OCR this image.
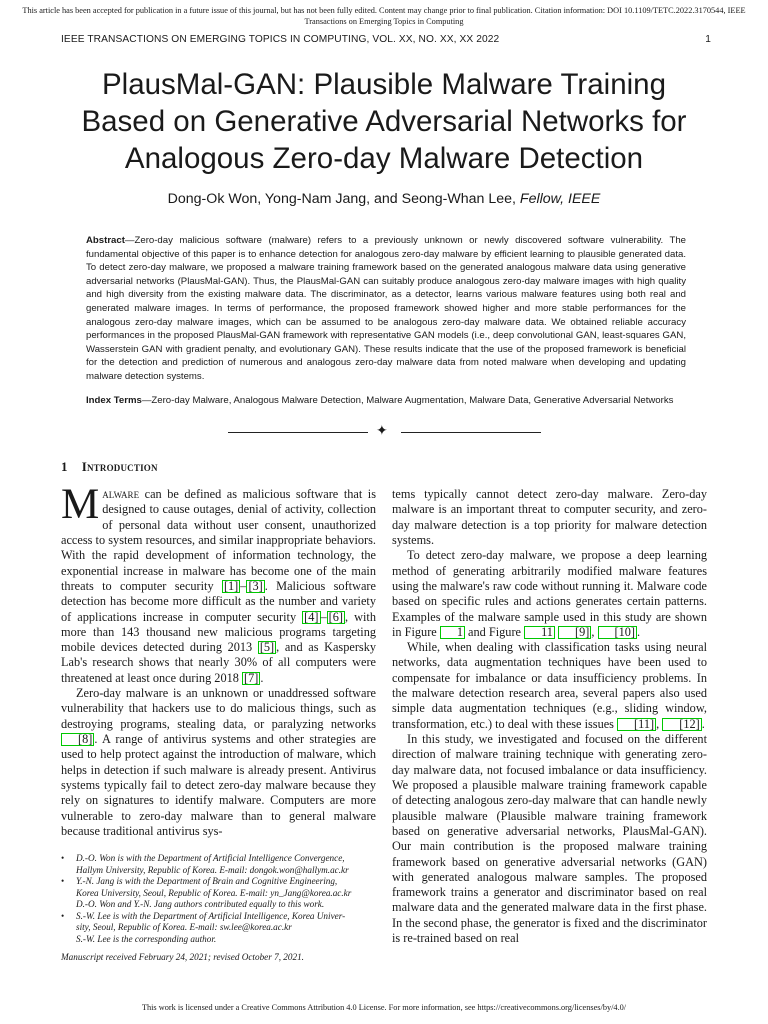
This article has been accepted for publication in a future issue of this journal, but has not been fully edited. Content may change prior to final publication. Citation information: DOI 10.1109/TETC.2022.3170544, IEEE
Transactions on Emerging Topics in Computing
IEEE TRANSACTIONS ON EMERGING TOPICS IN COMPUTING, VOL. XX, NO. XX, XX 2022	1
PlausMal-GAN: Plausible Malware Training
Based on Generative Adversarial Networks for
Analogous Zero-day Malware Detection
Dong-Ok Won, Yong-Nam Jang, and Seong-Whan Lee, Fellow, IEEE
Abstract—Zero-day malicious software (malware) refers to a previously unknown or newly discovered software vulnerability. The fundamental objective of this paper is to enhance detection for analogous zero-day malware by efficient learning to plausible generated data. To detect zero-day malware, we proposed a malware training framework based on the generated analogous malware data using generative adversarial networks (PlausMal-GAN). Thus, the PlausMal-GAN can suitably produce analogous zero-day malware images with high quality and high diversity from the existing malware data. The discriminator, as a detector, learns various malware features using both real and generated malware images. In terms of performance, the proposed framework showed higher and more stable performances for the analogous zero-day malware images, which can be assumed to be analogous zero-day malware data. We obtained reliable accuracy performances in the proposed PlausMal-GAN framework with representative GAN models (i.e., deep convolutional GAN, least-squares GAN, Wasserstein GAN with gradient penalty, and evolutionary GAN). These results indicate that the use of the proposed framework is beneficial for the detection and prediction of numerous and analogous zero-day malware data from noted malware when developing and updating malware detection systems.
Index Terms—Zero-day Malware, Analogous Malware Detection, Malware Augmentation, Malware Data, Generative Adversarial Networks
✦
1 Introduction

Malware can be defined as malicious software that is designed to cause outages, denial of activity, collection of personal data without user consent, unauthorized access to system resources, and similar inappropriate behaviors. With the rapid development of information technology, the exponential increase in malware has become one of the main threats to computer security [1] – [3] . Malicious software detection has become more difficult as the number and variety of applications increase in computer security [4] – [6] , with more than 143 thousand new malicious programs targeting mobile devices detected during 2013 [5] , and as Kaspersky Lab's research shows that nearly 30% of all computers were threatened at least once during 2018 [7] .

Zero-day malware is an unknown or unaddressed software vulnerability that hackers use to do malicious things, such as destroying programs, stealing data, or paralyzing networks [8] . A range of antivirus systems and other strategies are used to help protect against the introduction of malware, which helps in detection if such malware is already present. Antivirus systems typically fail to detect zero-day malware because they rely on signatures to identify malware. Computers are more vulnerable to zero-day malware than to general malware because traditional antivirus sys-

tems typically cannot detect zero-day malware. Zero-day malware is an important threat to computer security, and zero-day malware detection is a top priority for malware detection systems.

To detect zero-day malware, we propose a deep learning method of generating arbitrarily modified malware features using the malware's raw code without running it. Malware code based on specific rules and actions generates certain patterns. Examples of the malware sample used in this study are shown in Figure 1 and Figure 11 [9] , [10] .

While, when dealing with classification tasks using neural networks, data augmentation techniques have been used to compensate for imbalance or data insufficiency problems. In the malware detection research area, several papers also used simple data augmentation techniques (e.g., sliding window, transformation, etc.) to deal with these issues [11] , [12] .

In this study, we investigated and focused on the different direction of malware training technique with generating zero-day malware data, not focused imbalance or data insufficiency. We proposed a plausible malware training framework capable of detecting analogous zero-day malware that can handle newly plausible malware (Plausible malware training framework based on generative adversarial networks, PlausMal-GAN). Our main contribution is the proposed malware training framework based on generative adversarial networks (GAN) with generated analogous malware samples. The proposed framework trains a generator and discriminator based on real malware data and the generated malware data in the first phase. In the second phase, the generator is fixed and the discriminator is re-trained based on real

• D.-O. Won is with the Department of Artificial Intelligence Convergence,
Hallym University, Republic of Korea. E-mail: dongok.won@hallym.ac.kr
• Y.-N. Jang is with the Department of Brain and Cognitive Engineering,
Korea University, Seoul, Republic of Korea. E-mail: yn_Jang@korea.ac.kr
D.-O. Won and Y.-N. Jang authors contributed equally to this work.
• S.-W. Lee is with the Department of Artificial Intelligence, Korea Univer-
sity, Seoul, Republic of Korea. E-mail: sw.lee@korea.ac.kr
S.-W. Lee is the corresponding author.
Manuscript received February 24, 2021; revised October 7, 2021.
This work is licensed under a Creative Commons Attribution 4.0 License. For more information, see https://creativecommons.org/licenses/by/4.0/
